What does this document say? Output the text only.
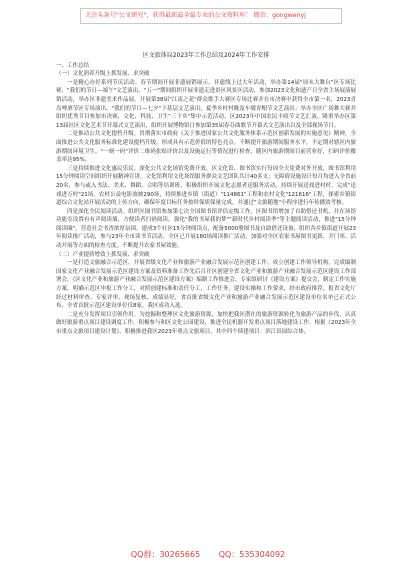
关注头条号"公文研究"，获得最新最全最专业的公文资料库！ 微信：gongwenyj
区文旅体局2023年工作总结及2024年工作安排

一、工作总结

（一）文化润养升级上抓发展、求突破

一是精心办好系列节庆活动。春节期间开展非遗展销展示、非遗线上过大年活动，举办第14届"周末大舞台"区专场比赛、"我们的节日—端午"文艺演出、"五一"期间组织开展非遗走进景区风景区活动，参加2023文化和遗产日全省主场展演展销活动，举办区非遗美术作品展。开展第38届"江南之花"群众歌手大赛区专场比赛并在市决赛中获得全市第一名，2023青岛啤酒节区专场演出、"我们的节日—七夕"下基层文艺演出，夏季乡村村晚及车墩青帽节文艺演出；举办全区广场舞大赛并组织优秀节目参加市决赛，文化、科技、卫生"三下乡"集中示范活动、区2023年中国农民丰收节文艺汇演、隆重举办区第13届社区文化艺术节开幕式文艺演出，组织开展博物馆日参加第35届春芬曲歌节开幕式文艺演出以及全部视场节日。

二是推动公共文化提档升级。贯彻落实市政府《关于推进国家公共文化服务体系示范区创新发展的实施意见》精神，全面推进公共文化服务标准化建设提档升级，形成具有示范价值的特色亮点。不断提升旅游期间服务水平，不定期对辖区内旅游期间环境卫生、"一刻一码"评价二维码张贴评价以及设施运行等情况进行检查，随区内旅游期间目前营业好，扫码评价覆盖率达95%。

三是持续推进文化惠民乐民。深化公共文化场馆免费开放，区文化馆、图书馆实行每周全天免费对外开放，图书馆利用15分钟阅读空间组织开展精神宣讲，文化馆利用文化场馆服务群众文艺团队共计40多支；无障碍设施设计每月均进入全省前20名，参与或入书法、美术、舞蹈、合唱等培训班，积极组织开展文化志愿者送服务活动，持续开展送戏进村村，完成"送戏进万村"21场，农村公益电影放映290场，持续推进乡镇（街道）"114861"工程和农村文化"121616"工程，探索乡镇街道综合文化站开展活动的上传方向，确保年度目标任务按时保质保量完成，并通过"文旅随地"小程序进行年传播效考核。

四是深化全民阅读活动。组织区图书馆参加第七次全国图书馆评估定级工作，区图书馆增加了自助借还书机、并在场馆功能室设置有有声阅读墙，方便读者扫码阅读，强化"我的书屋我的梦""新时代乡村阅读季"等主题阅读活动，推进"15分钟阅读圈"，营造社会书香浓厚氛围，建成3个社区15分钟阅读点，配备5000册图书及自助借还设备，组织各乡镇街道开展23年阅读推广活动，参与23年全市读书节活动。全区已开展180场阅读推广活动，加强对全区农家书屋图书更新、开门率、活动开展等方面的检查力度，不断提升农家书屋效能。

（二）产业提质增效上抓发展、求突破

一是打造文旅融合示范区。开展省级文化产业和旅游产业融合发展示范区创建工作，成立创建工作领导机构，完成编制国家文化产业融合发展示范区建设方案及资料准备工作先后召开区创建全省文化产业和旅游产业融合发展示范区建设工作部署会，《区文化产业和旅游产业融合发展示范区建设方案》编制工作推进会、专家组研讨《建设方案》提交会，制定工作实施方案，明确示范区申报工作分工，对照创建标准和责任分工，工作任务，建设实操和工作要求，经市政府推荐，报省文化厅经过材料审查、专家评审、现场复核、成绩显好，省首批省级文化产业和旅游产业融合发展示范区建设单位名单已正式公布，全省首批示范区建设单位仅8家，我区成功入选。

二是充分发挥项目引领作用。为挖掘和整理区文化旅游资源，加快把我区潜在的旅游资源转化为旅游产品的步伐，认真做好旅游重点项目建设调度工作，积极参与和区文化公园建设，推进全民机器开发重点项目落地建设工作。根据《2023年全市重点文旅项目建设计划》，积极推进我区2023年重点文旅项目，其中四个续建项目：滨江田园综合体、

QQ群：30265665 QQ：535304092
